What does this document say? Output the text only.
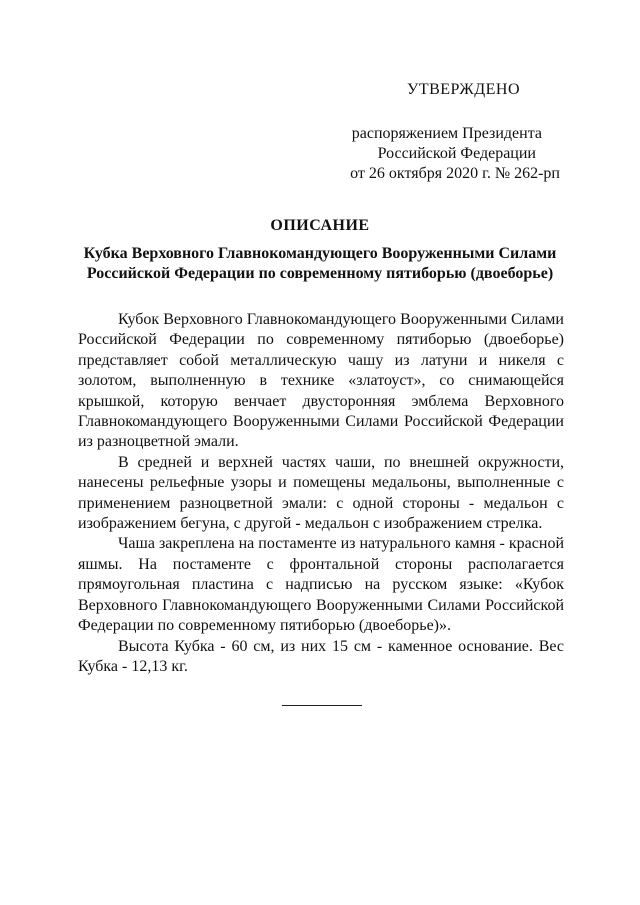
УТВЕРЖДЕНО
распоряжением Президента
Российской Федерации
от 26 октября 2020 г. № 262-рп
ОПИСАНИЕ
Кубка Верховного Главнокомандующего Вооруженными Силами Российской Федерации по современному пятиборью (двоеборье)

Кубок Верховного Главнокомандующего Вооруженными Силами Российской Федерации по современному пятиборью (двоеборье) представляет собой металлическую чашу из латуни и никеля с золотом, выполненную в технике «златоуст», со снимающейся крышкой, которую венчает двусторонняя эмблема Верховного Главнокомандующего Вооруженными Силами Российской Федерации из разноцветной эмали.

В средней и верхней частях чаши, по внешней окружности, нанесены рельефные узоры и помещены медальоны, выполненные с применением разноцветной эмали: с одной стороны - медальон с изображением бегуна, с другой - медальон с изображением стрелка.

Чаша закреплена на постаменте из натурального камня - красной яшмы. На постаменте с фронтальной стороны располагается прямоугольная пластина с надписью на русском языке: «Кубок Верховного Главнокомандующего Вооруженными Силами Российской Федерации по современному пятиборью (двоеборье)».

Высота Кубка - 60 см, из них 15 см - каменное основание. Вес Кубка - 12,13 кг.
